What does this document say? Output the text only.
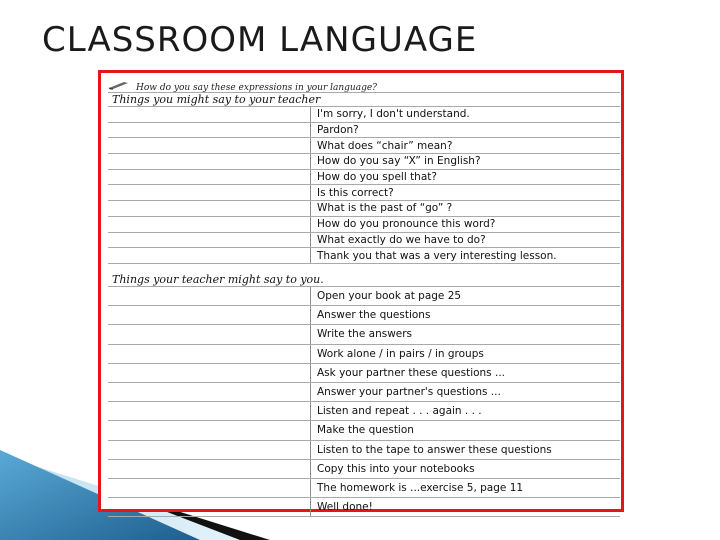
CLASSROOM LANGUAGE
How do you say these expressions in your language?
Things you might say to your teacher
I'm sorry, I don't understand.
Pardon?
What does “chair” mean?
How do you say “X” in English?
How do you spell that?
Is this correct?
What is the past of “go” ?
How do you pronounce this word?
What exactly do we have to do?
Thank you that was a very interesting lesson.
Things your teacher might say to you.
Open your book at page 25
Answer the questions
Write the answers
Work alone / in pairs / in groups
Ask your partner these questions ...
Answer your partner's questions ...
Listen and repeat . . . again . . .
Make the question
Listen to the tape to answer these questions
Copy this into your notebooks
The homework is ...exercise 5, page 11
Well done!
